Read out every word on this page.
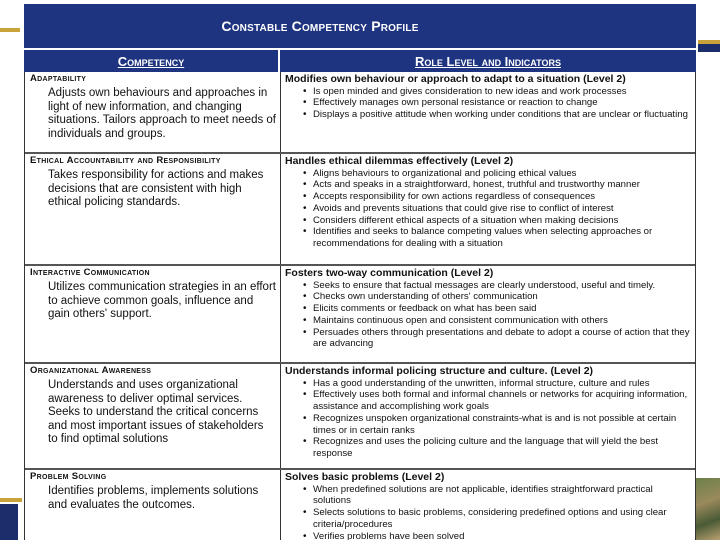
Constable Competency Profile
Competency	Role Level and Indicators
Adaptability
Adjusts own behaviours and approaches in light of new information, and changing situations. Tailors approach to meet needs of individuals and groups.
Modifies own behaviour or approach to adapt to a situation (Level 2)
• Is open minded and gives consideration to new ideas and work processes
• Effectively manages own personal resistance or reaction to change
• Displays a positive attitude when working under conditions that are unclear or fluctuating
Ethical Accountability and Responsibility
Takes responsibility for actions and makes decisions that are consistent with high ethical policing standards.
Handles ethical dilemmas effectively (Level 2)
• Aligns behaviours to organizational and policing ethical values
• Acts and speaks in a straightforward, honest, truthful and trustworthy manner
• Accepts responsibility for own actions regardless of consequences
• Avoids and prevents situations that could give rise to conflict of interest
• Considers different ethical aspects of a situation when making decisions
• Identifies and seeks to balance competing values when selecting approaches or recommendations for dealing with a situation
Interactive Communication
Utilizes communication strategies in an effort to achieve common goals, influence and gain others' support.
Fosters two-way communication (Level 2)
• Seeks to ensure that factual messages are clearly understood, useful and timely.
• Checks own understanding of others' communication
• Elicits comments or feedback on what has been said
• Maintains continuous open and consistent communication with others
• Persuades others through presentations and debate to adopt a course of action that they are advancing
Organizational Awareness
Understands and uses organizational awareness to deliver optimal services. Seeks to understand the critical concerns and most important issues of stakeholders to find optimal solutions
Understands informal policing structure and culture. (Level 2)
• Has a good understanding of the unwritten, informal structure, culture and rules
• Effectively uses both formal and informal channels or networks for acquiring information, assistance and accomplishing work goals
• Recognizes unspoken organizational constraints-what is and is not possible at certain times or in certain ranks
• Recognizes and uses the policing culture and the language that will yield the best response
Problem Solving
Identifies problems, implements solutions and evaluates the outcomes.
Solves basic problems (Level 2)
• When predefined solutions are not applicable, identifies straightforward practical solutions
• Selects solutions to basic problems, considering predefined options and using clear criteria/procedures
• Verifies problems have been solved
